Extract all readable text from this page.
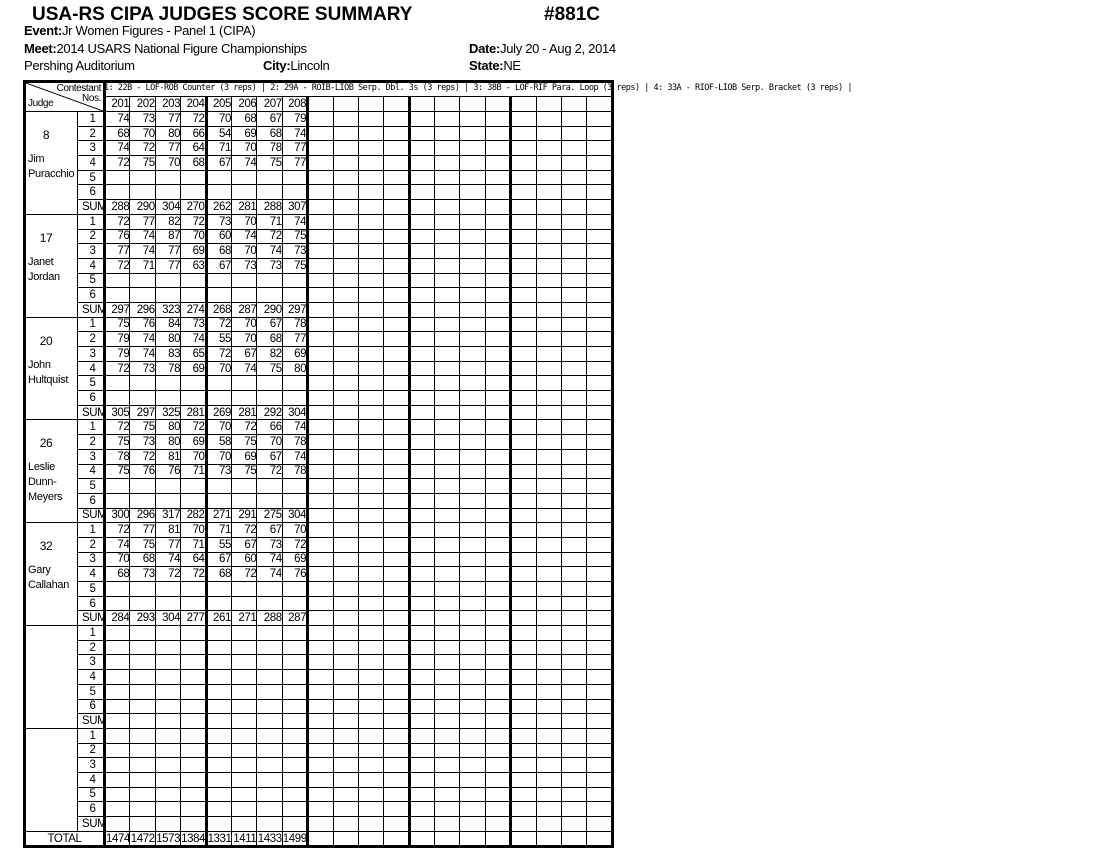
USA-RS CIPA JUDGES SCORE SUMMARY	#881C
Event:Jr Women Figures - Panel 1 (CIPA)
Meet:2014 USARS National Figure Championships	Date:July 20 - Aug 2, 2014
Pershing Auditorium	City:Lincoln	State:NE
Contestant
Nos.
Judge																					

		201	202	203	204	205	206	207	208												

8
Jim Puracchio	1	74	73	77	72	70	68	67	79												
	2	68	70	80	66	54	69	68	74												
	3	74	72	77	64	71	70	78	77												
	4	72	75	70	68	67	74	75	77												
	5																				
	6																				
	SUM	288	290	304	270	262	281	288	307												

17
Janet Jordan	1	72	77	82	72	73	70	71	74												
	2	76	74	87	70	60	74	72	75												
	3	77	74	77	69	68	70	74	73												
	4	72	71	77	63	67	73	73	75												
	5																				
	6																				
	SUM	297	296	323	274	268	287	290	297												

20
John Hultquist	1	75	76	84	73	72	70	67	78												
	2	79	74	80	74	55	70	68	77												
	3	79	74	83	65	72	67	82	69												
	4	72	73	78	69	70	74	75	80												
	5																				
	6																				
	SUM	305	297	325	281	269	281	292	304												

26
Leslie Dunn-Meyers	1	72	75	80	72	70	72	66	74												
	2	75	73	80	69	58	75	70	78												
	3	78	72	81	70	70	69	67	74												
	4	75	76	76	71	73	75	72	78												
	5																				
	6																				
	SUM	300	296	317	282	271	291	275	304												

32
Gary Callahan	1	72	77	81	70	71	72	67	70												
	2	74	75	77	71	55	67	73	72												
	3	70	68	74	64	67	60	74	69												
	4	68	73	72	72	68	72	74	76												
	5																				
	6																				
	SUM	284	293	304	277	261	271	288	287												

	1																				
	2																				
	3																				
	4																				
	5																				
	6																				
	SUM																				

	1																				
	2																				
	3																				
	4																				
	5																				
	6																				
	SUM																				
TOTAL		1474	1472	1573	1384	1331	1411	1433	1499												
1: 22B - LOF-ROB Counter (3 reps) | 2: 29A - ROIB-LIOB Serp. Dbl. 3s (3 reps) | 3: 38B - LOF-RIF Para. Loop (3 reps) | 4: 33A - RIOF-LIOB Serp. Bracket (3 reps) |
